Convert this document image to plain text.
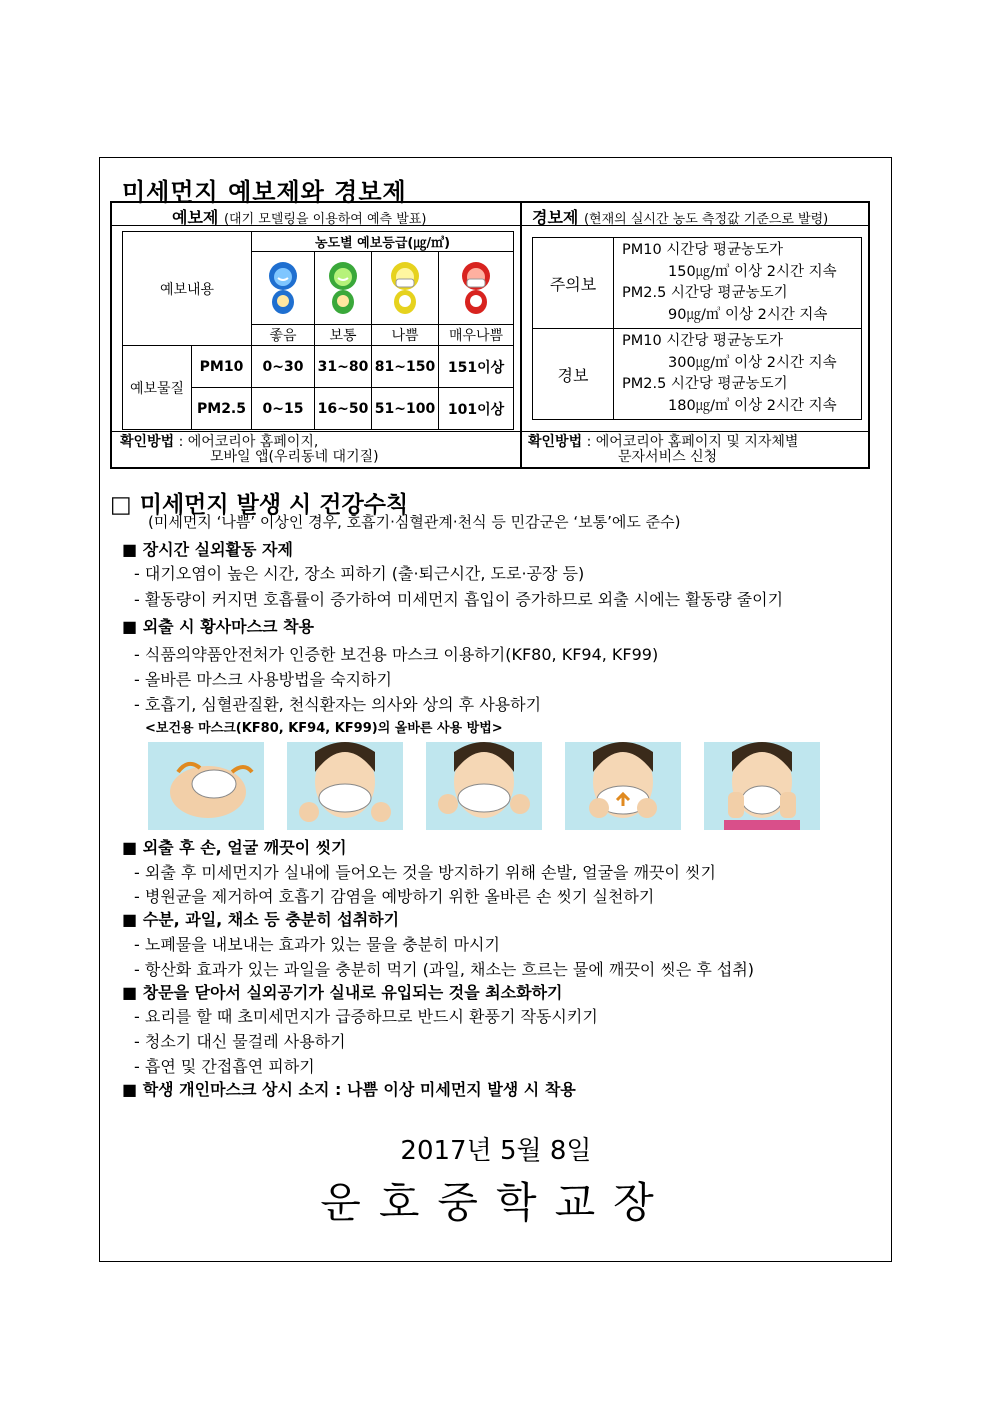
미세먼지 예보제와 경보제
예보제 (대기 모델링을 이용하여 예측 발표)	경보제 (현재의 실시간 농도 측정값 기준으로 발령)
예보내용		농도별 예보등급(㎍/㎥)			

		좋음	보통	나쁨	매우나쁨
예보물질	PM10	0~30	31~80	81~150	151이상
	PM2.5	0~15	16~50	51~100	101이상
주의보	PM10 시간당 평균농도가
150㎍/㎥ 이상 2시간 지속
PM2.5 시간당 평균농도기
90㎍/㎥ 이상 2시간 지속

경보	PM10 시간당 평균농도가
300㎍/㎥ 이상 2시간 지속
PM2.5 시간당 평균농도기
180㎍/㎥ 이상 2시간 지속
확인방법 : 에어코리아 홈페이지,
모바일 앱(우리동네 대기질)
확인방법 : 에어코리아 홈페이지 및 지자체별
문자서비스 신청
□ 미세먼지 발생 시 건강수칙
(미세먼지 ‘나쁨’ 이상인 경우, 호흡기·심혈관계·천식 등 민감군은 ‘보통’에도 준수)
■ 장시간 실외활동 자제
- 대기오염이 높은 시간, 장소 피하기 (출·퇴근시간, 도로·공장 등)
- 활동량이 커지면 호흡률이 증가하여 미세먼지 흡입이 증가하므로 외출 시에는 활동량 줄이기
■ 외출 시 황사마스크 착용
- 식품의약품안전처가 인증한 보건용 마스크 이용하기(KF80, KF94, KF99)
- 올바른 마스크 사용방법을 숙지하기
- 호흡기, 심혈관질환, 천식환자는 의사와 상의 후 사용하기
<보건용 마스크(KF80, KF94, KF99)의 올바른 사용 방법>
■ 외출 후 손, 얼굴 깨끗이 씻기
- 외출 후 미세먼지가 실내에 들어오는 것을 방지하기 위해 손발, 얼굴을 깨끗이 씻기
- 병원균을 제거하여 호흡기 감염을 예방하기 위한 올바른 손 씻기 실천하기
■ 수분, 과일, 채소 등 충분히 섭취하기
- 노폐물을 내보내는 효과가 있는 물을 충분히 마시기
- 항산화 효과가 있는 과일을 충분히 먹기 (과일, 채소는 흐르는 물에 깨끗이 씻은 후 섭취)
■ 창문을 닫아서 실외공기가 실내로 유입되는 것을 최소화하기
- 요리를 할 때 초미세먼지가 급증하므로 반드시 환풍기 작동시키기
- 청소기 대신 물걸레 사용하기
- 흡연 및 간접흡연 피하기
■ 학생 개인마스크 상시 소지 : 나쁨 이상 미세먼지 발생 시 착용
2017년 5월 8일
운호중학교장
